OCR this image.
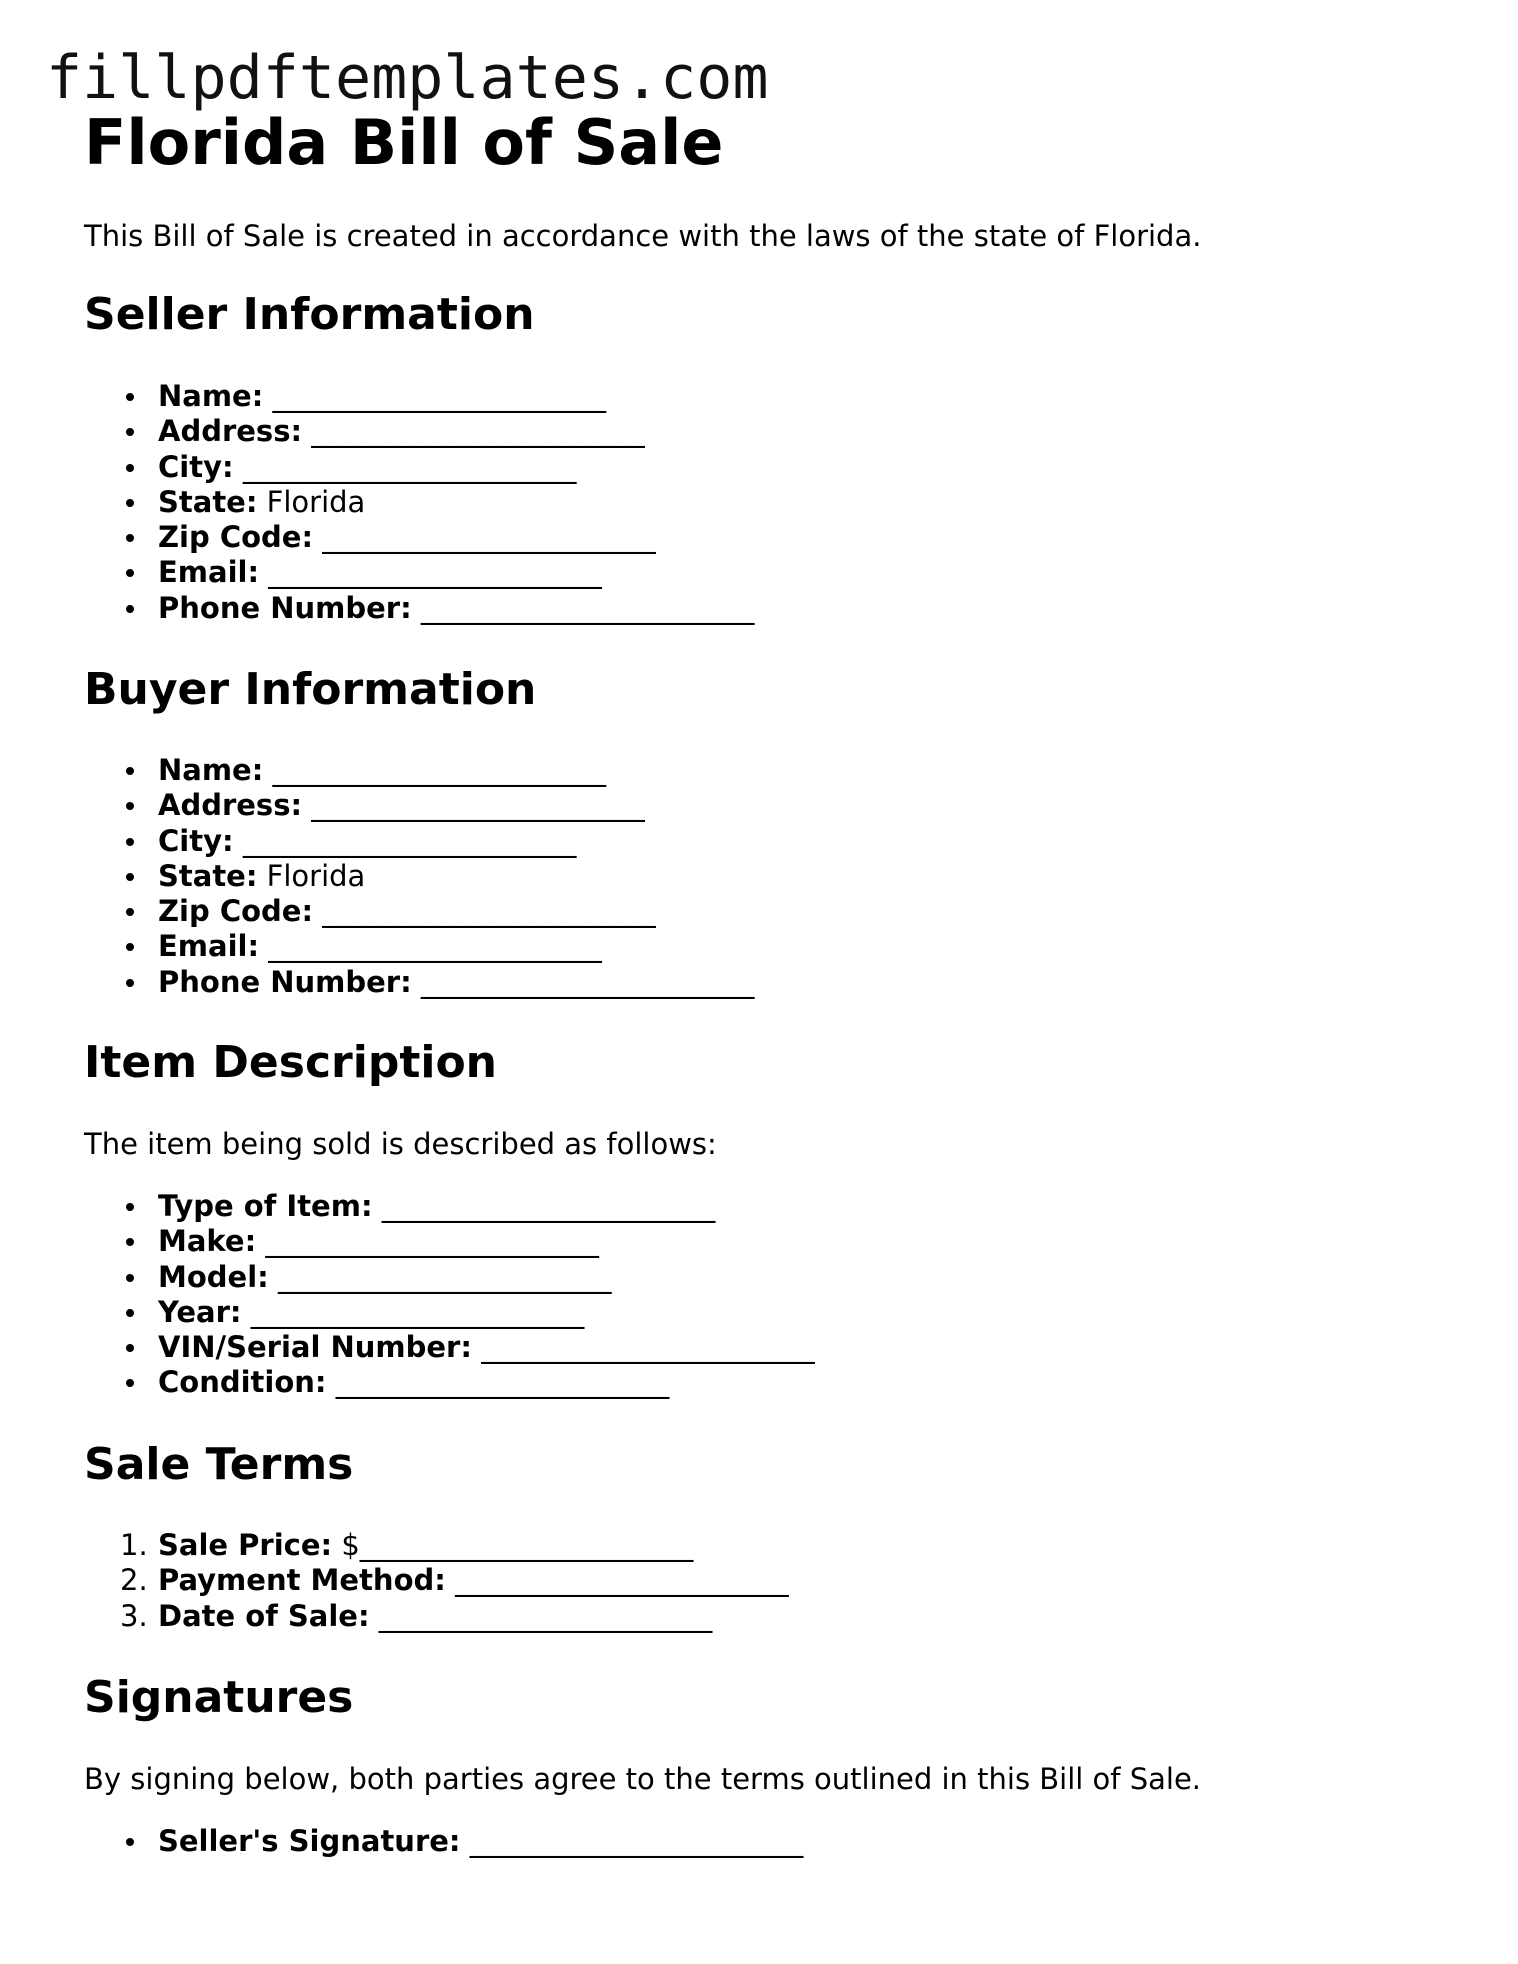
fillpdftemplates.com
Florida Bill of Sale

This Bill of Sale is created in accordance with the laws of the state of Florida.

Seller Information
Name: _______________________
Address: _______________________
City: _______________________
State: Florida
Zip Code: _______________________
Email: _______________________
Phone Number: _______________________
Buyer Information
Name: _______________________
Address: _______________________
City: _______________________
State: Florida
Zip Code: _______________________
Email: _______________________
Phone Number: _______________________
Item Description

The item being sold is described as follows:

Type of Item: _______________________
Make: _______________________
Model: _______________________
Year: _______________________
VIN/Serial Number: _______________________
Condition: _______________________
Sale Terms
1. Sale Price: $_______________________
2. Payment Method: _______________________
3. Date of Sale: _______________________
Signatures

By signing below, both parties agree to the terms outlined in this Bill of Sale.

Seller's Signature: _______________________
